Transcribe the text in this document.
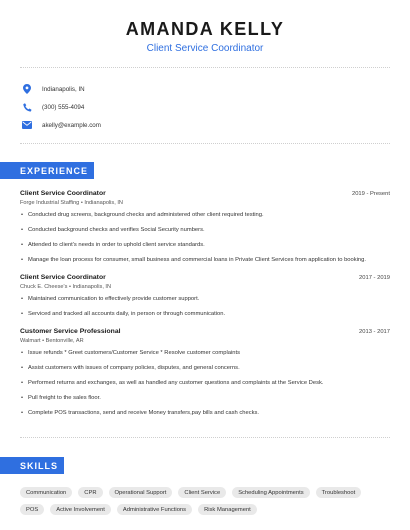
AMANDA KELLY
Client Service Coordinator
Indianapolis, IN
(300) 555-4094
akelly@example.com
EXPERIENCE
Client Service Coordinator	2019 - Present
Forge Industrial Staffing • Indianapolis, IN
• Conducted drug screens, background checks and administered other client required testing.
• Conducted background checks and verifies Social Security numbers.
• Attended to client's needs in order to uphold client service standards.
• Manage the loan process for consumer, small business and commercial loans in Private Client Services from application to booking.
Client Service Coordinator	2017 - 2019
Chuck E. Cheese's • Indianapolis, IN
• Maintained communication to effectively provide customer support.
• Serviced and tracked all accounts daily, in person or through communication.
Customer Service Professional	2013 - 2017
Walmart • Bentonville, AR
• Issue refunds * Greet customers/Customer Service * Resolve customer complaints
• Assist customers with issues of company policies, disputes, and general concerns.
• Performed returns and exchanges, as well as handled any customer questions and complaints at the Service Desk.
• Pull freight to the sales floor.
• Complete POS transactions, send and receive Money transfers,pay bills and cash checks.
SKILLS
Communication	CPR	Operational Support	Client Service	Scheduling Appointments	Troubleshoot
POS	Active Involvement	Administrative Functions	Risk Management
